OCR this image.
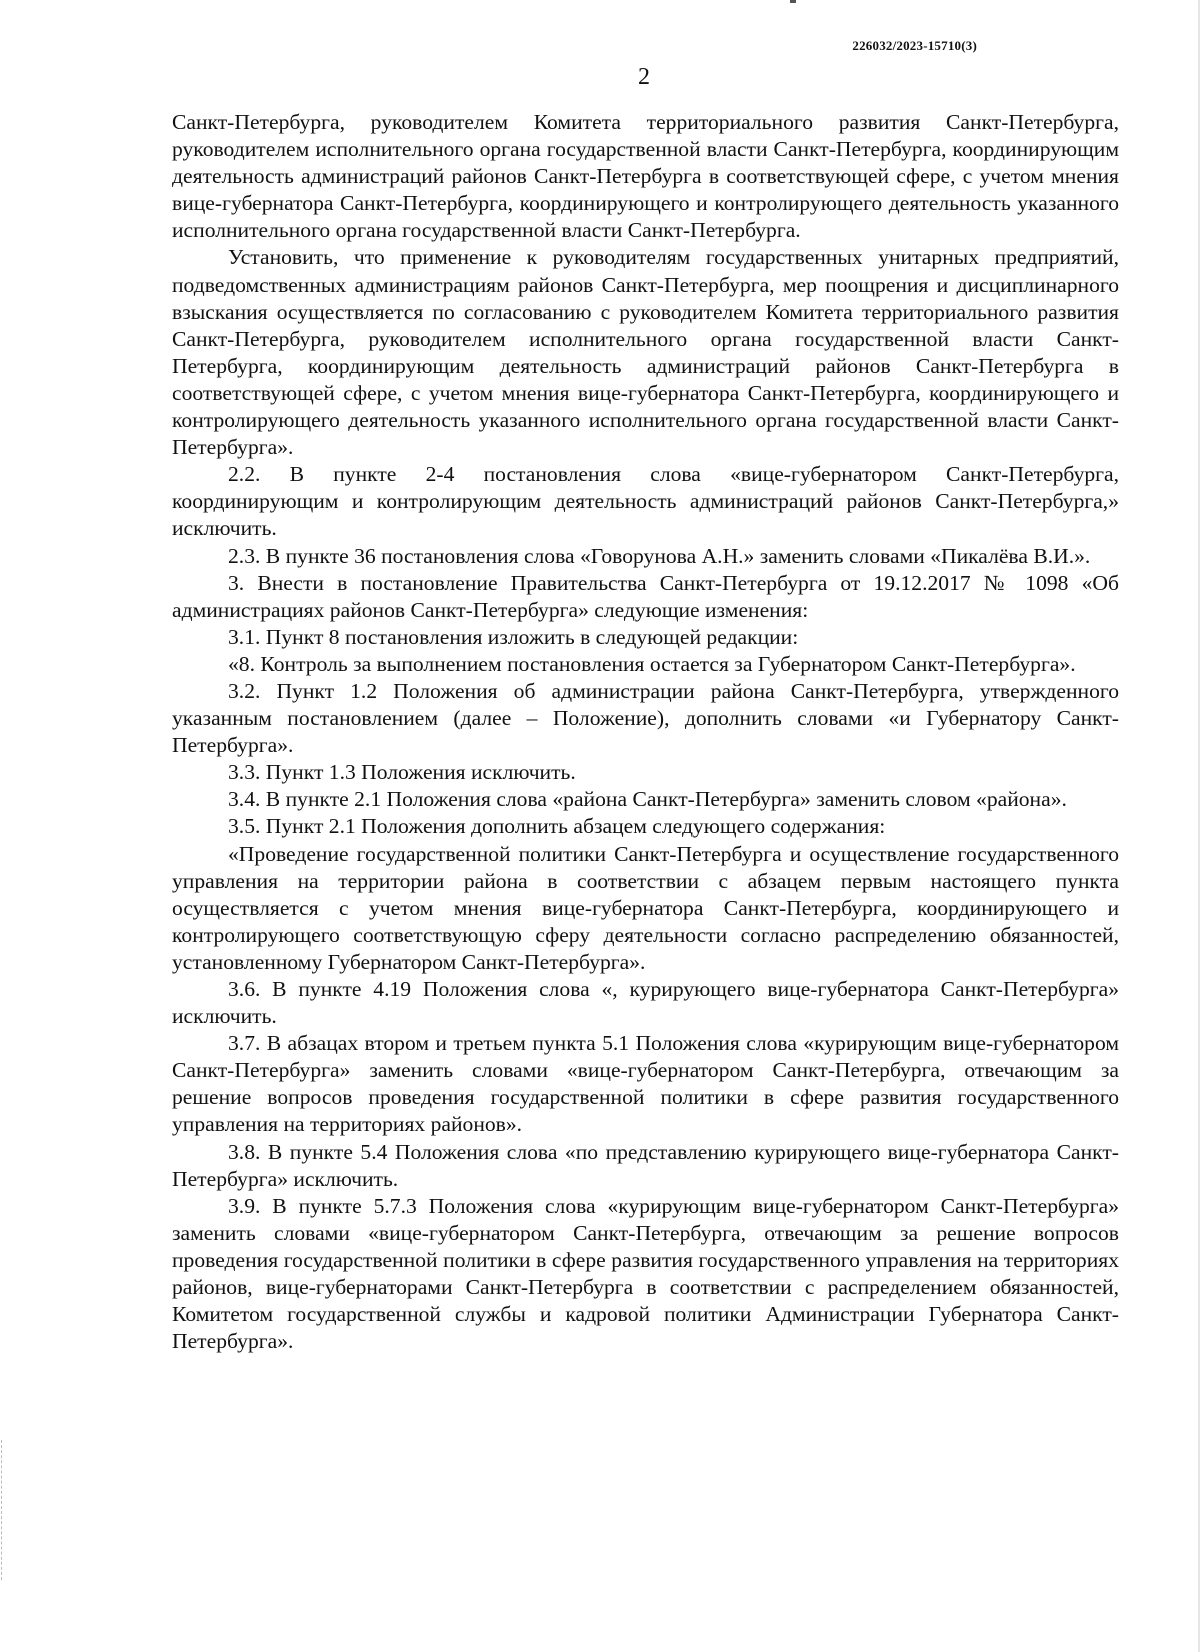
226032/2023-15710(3)
2

Санкт-Петербурга, руководителем Комитета территориального развития Санкт-Петербурга, руководителем исполнительного органа государственной власти Санкт-Петербурга, координирующим деятельность администраций районов Санкт-Петербурга в соответствующей сфере, с учетом мнения вице-губернатора Санкт-Петербурга, координирующего и контролирующего деятельность указанного исполнительного органа государственной власти Санкт-Петербурга.

Установить, что применение к руководителям государственных унитарных предприятий, подведомственных администрациям районов Санкт-Петербурга, мер поощрения и дисциплинарного взыскания осуществляется по согласованию с руководителем Комитета территориального развития Санкт-Петербурга, руководителем исполнительного органа государственной власти Санкт-Петербурга, координирующим деятельность администраций районов Санкт-Петербурга в соответствующей сфере, с учетом мнения вице-губернатора Санкт-Петербурга, координирующего и контролирующего деятельность указанного исполнительного органа государственной власти Санкт-Петербурга».

2.2. В пункте 2-4 постановления слова «вице-губернатором Санкт-Петербурга, координирующим и контролирующим деятельность администраций районов Санкт-Петербурга,» исключить.

2.3. В пункте 36 постановления слова «Говорунова А.Н.» заменить словами «Пикалёва В.И.».

3. Внести в постановление Правительства Санкт-Петербурга от 19.12.2017 № 1098 «Об администрациях районов Санкт-Петербурга» следующие изменения:

3.1. Пункт 8 постановления изложить в следующей редакции:

«8. Контроль за выполнением постановления остается за Губернатором Санкт-Петербурга».

3.2. Пункт 1.2 Положения об администрации района Санкт-Петербурга, утвержденного указанным постановлением (далее – Положение), дополнить словами «и Губернатору Санкт-Петербурга».

3.3. Пункт 1.3 Положения исключить.

3.4. В пункте 2.1 Положения слова «района Санкт-Петербурга» заменить словом «района».

3.5. Пункт 2.1 Положения дополнить абзацем следующего содержания:

«Проведение государственной политики Санкт-Петербурга и осуществление государственного управления на территории района в соответствии с абзацем первым настоящего пункта осуществляется с учетом мнения вице-губернатора Санкт-Петербурга, координирующего и контролирующего соответствующую сферу деятельности согласно распределению обязанностей, установленному Губернатором Санкт-Петербурга».

3.6. В пункте 4.19 Положения слова «, курирующего вице-губернатора Санкт-Петербурга» исключить.

3.7. В абзацах втором и третьем пункта 5.1 Положения слова «курирующим вице-губернатором Санкт-Петербурга» заменить словами «вице-губернатором Санкт-Петербурга, отвечающим за решение вопросов проведения государственной политики в сфере развития государственного управления на территориях районов».

3.8. В пункте 5.4 Положения слова «по представлению курирующего вице-губернатора Санкт-Петербурга» исключить.

3.9. В пункте 5.7.3 Положения слова «курирующим вице-губернатором Санкт-Петербурга» заменить словами «вице-губернатором Санкт-Петербурга, отвечающим за решение вопросов проведения государственной политики в сфере развития государственного управления на территориях районов, вице-губернаторами Санкт-Петербурга в соответствии с распределением обязанностей, Комитетом государственной службы и кадровой политики Администрации Губернатора Санкт-Петербурга».
